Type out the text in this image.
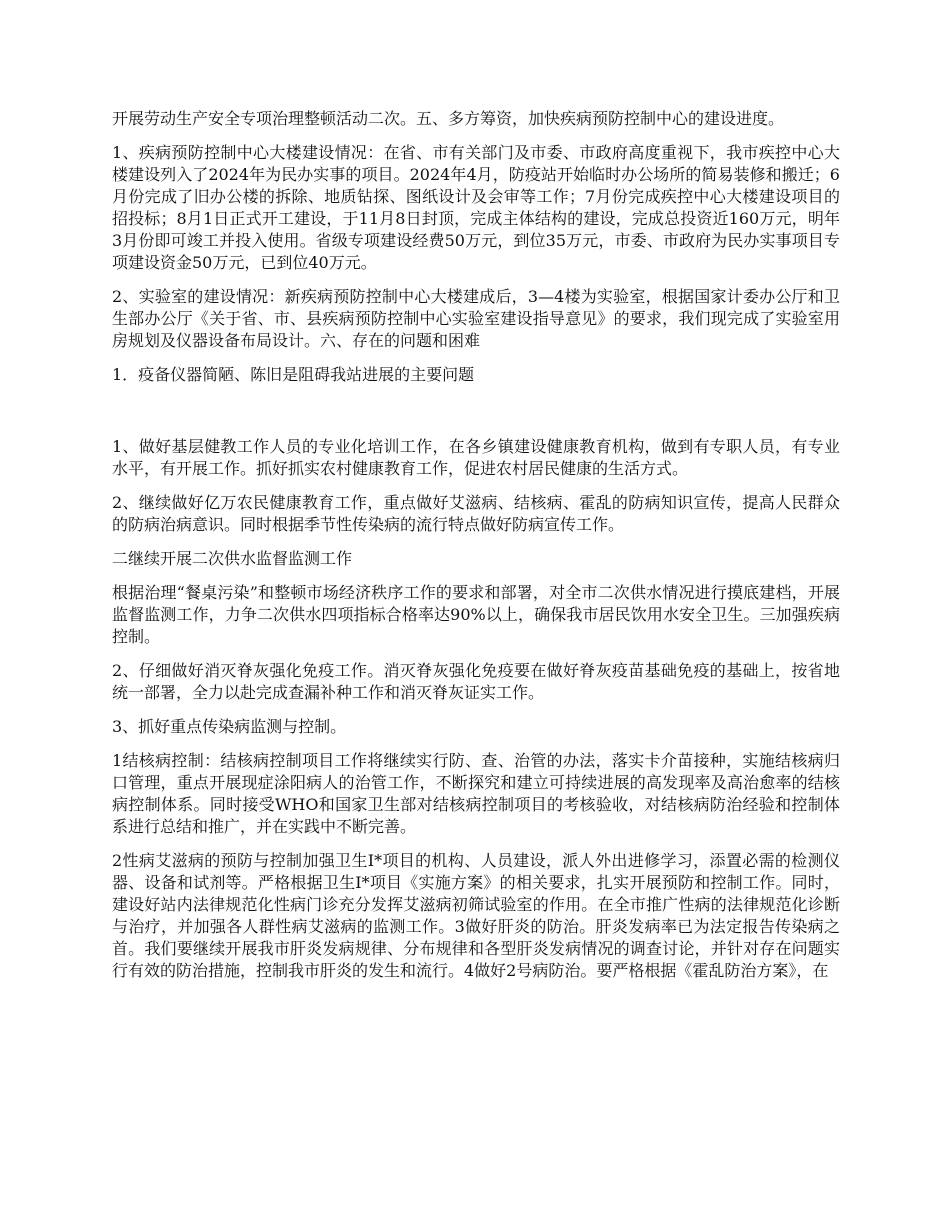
开展劳动生产安全专项治理整顿活动二次。五、多方筹资，加快疾病预防控制中心的建设进度。

1、疾病预防控制中心大楼建设情况：在省、市有关部门及市委、市政府高度重视下，我市疾控中心大楼建设列入了2024年为民办实事的项目。2024年4月，防疫站开始临时办公场所的简易装修和搬迁；6月份完成了旧办公楼的拆除、地质钻探、图纸设计及会审等工作；7月份完成疾控中心大楼建设项目的招投标；8月1日正式开工建设，于11月8日封顶，完成主体结构的建设，完成总投资近160万元，明年3月份即可竣工并投入使用。省级专项建设经费50万元，到位35万元，市委、市政府为民办实事项目专项建设资金50万元，已到位40万元。

2、实验室的建设情况：新疾病预防控制中心大楼建成后，3—4楼为实验室，根据国家计委办公厅和卫生部办公厅《关于省、市、县疾病预防控制中心实验室建设指导意见》的要求，我们现完成了实验室用房规划及仪器设备布局设计。六、存在的问题和困难

1．疫备仪器简陋、陈旧是阻碍我站进展的主要问题

1、做好基层健教工作人员的专业化培训工作，在各乡镇建设健康教育机构，做到有专职人员，有专业水平，有开展工作。抓好抓实农村健康教育工作，促进农村居民健康的生活方式。

2、继续做好亿万农民健康教育工作，重点做好艾滋病、结核病、霍乱的防病知识宣传，提高人民群众的防病治病意识。同时根据季节性传染病的流行特点做好防病宣传工作。

二继续开展二次供水监督监测工作

根据治理“餐桌污染”和整顿市场经济秩序工作的要求和部署，对全市二次供水情况进行摸底建档，开展监督监测工作，力争二次供水四项指标合格率达90%以上，确保我市居民饮用水安全卫生。三加强疾病控制。

2、仔细做好消灭脊灰强化免疫工作。消灭脊灰强化免疫要在做好脊灰疫苗基础免疫的基础上，按省地统一部署，全力以赴完成查漏补种工作和消灭脊灰证实工作。

3、抓好重点传染病监测与控制。

1结核病控制：结核病控制项目工作将继续实行防、查、治管的办法，落实卡介苗接种，实施结核病归口管理，重点开展现症涂阳病人的治管工作，不断探究和建立可持续进展的高发现率及高治愈率的结核病控制体系。同时接受WHO和国家卫生部对结核病控制项目的考核验收，对结核病防治经验和控制体系进行总结和推广，并在实践中不断完善。

2性病艾滋病的预防与控制加强卫生I*项目的机构、人员建设，派人外出进修学习，添置必需的检测仪器、设备和试剂等。严格根据卫生I*项目《实施方案》的相关要求，扎实开展预防和控制工作。同时，建设好站内法律规范化性病门诊充分发挥艾滋病初筛试验室的作用。在全市推广性病的法律规范化诊断与治疗，并加强各人群性病艾滋病的监测工作。3做好肝炎的防治。肝炎发病率已为法定报告传染病之首。我们要继续开展我市肝炎发病规律、分布规律和各型肝炎发病情况的调查讨论，并针对存在问题实行有效的防治措施，控制我市肝炎的发生和流行。4做好2号病防治。要严格根据《霍乱防治方案》，在
